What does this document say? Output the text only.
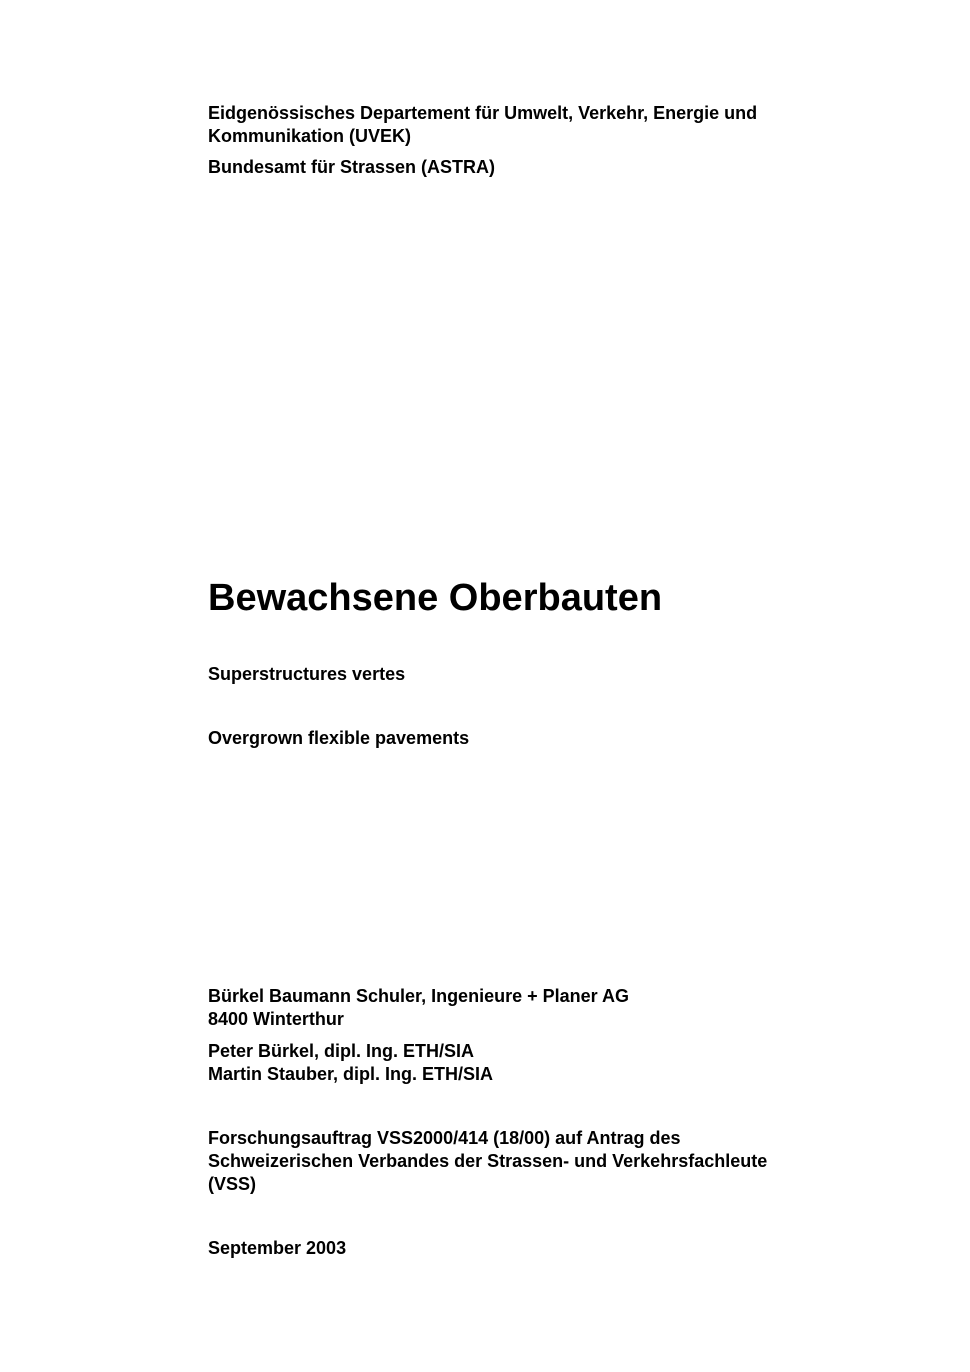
Eidgenössisches Departement für Umwelt, Verkehr, Energie und
Kommunikation (UVEK)
Bundesamt für Strassen (ASTRA)
Bewachsene Oberbauten
Superstructures vertes
Overgrown flexible pavements
Bürkel Baumann Schuler, Ingenieure + Planer AG
8400 Winterthur
Peter Bürkel, dipl. Ing. ETH/SIA
Martin Stauber, dipl. Ing. ETH/SIA
Forschungsauftrag VSS2000/414 (18/00) auf Antrag des
Schweizerischen Verbandes der Strassen- und Verkehrsfachleute
(VSS)
September 2003
